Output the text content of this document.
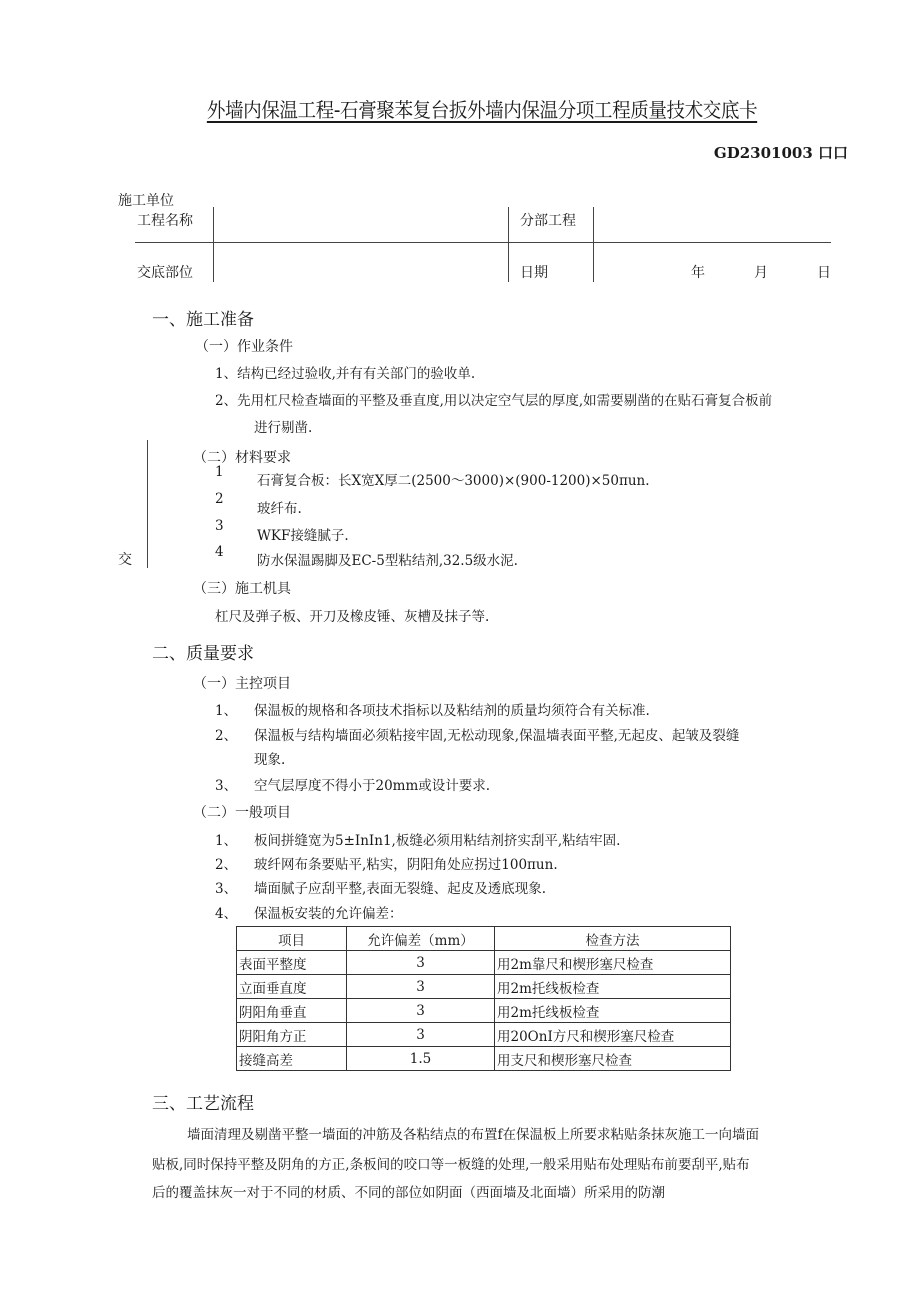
外墙内保温工程-石膏聚苯复台扳外墙内保温分项工程质量技术交底卡
GD2301003 口口
施工单位
工程名称	分部工程
交底部位	日期	年	月	日
交
一、施工准备
（一）作业条件
1、结构已经过验收,并有有关部门的验收单.
2、先用杠尺检查墙面的平整及垂直度,用以决定空气层的厚度,如需要剔凿的在贴石膏复合板前
进行剔凿.
（二）材料要求
1
石膏复合板：长X宽X厚二(2500～3000)×(900-1200)×50πun.
2
玻纤布.
3
WKF接缝腻子.
4
防水保温踢脚及EC-5型粘结剂,32.5级水泥.
（三）施工机具
杠尺及弹子板、开刀及橡皮锤、灰槽及抹子等.
二、质量要求
（一）主控项目
1、 保温板的规格和各项技术指标以及粘结剂的质量均须符合有关标准.
2、 保温板与结构墙面必须粘接牢固,无松动现象,保温墙表面平整,无起皮、起皱及裂缝
现象.
3、 空气层厚度不得小于20mm或设计要求.
（二）一般项目
1、 板间拼缝宽为5±InIn1,板缝必须用粘结剂挤实刮平,粘结牢固.
2、 玻纤网布条要贴平,粘实，阴阳角处应拐过100πun.
3、 墙面腻子应刮平整,表面无裂缝、起皮及透底现象.
4、 保温板安装的允许偏差：
项目	允许偏差（mm）	检查方法
表面平整度	3	用2m靠尺和楔形塞尺检查
立面垂直度	3	用2m托线板检查
阴阳角垂直	3	用2m托线板检查
阴阳角方正	3	用20OnI方尺和楔形塞尺检查
接缝高差	1.5	用支尺和楔形塞尺检查
三、工艺流程
墙面清理及剔凿平整一墙面的冲筋及各粘结点的布置f在保温板上所要求粘贴条抹灰施工一向墙面
贴板,同时保持平整及阴角的方正,条板间的咬口等一板缝的处理,一般采用贴布处理贴布前要刮平,贴布
后的覆盖抹灰一对于不同的材质、不同的部位如阴面（西面墙及北面墙）所采用的防潮
